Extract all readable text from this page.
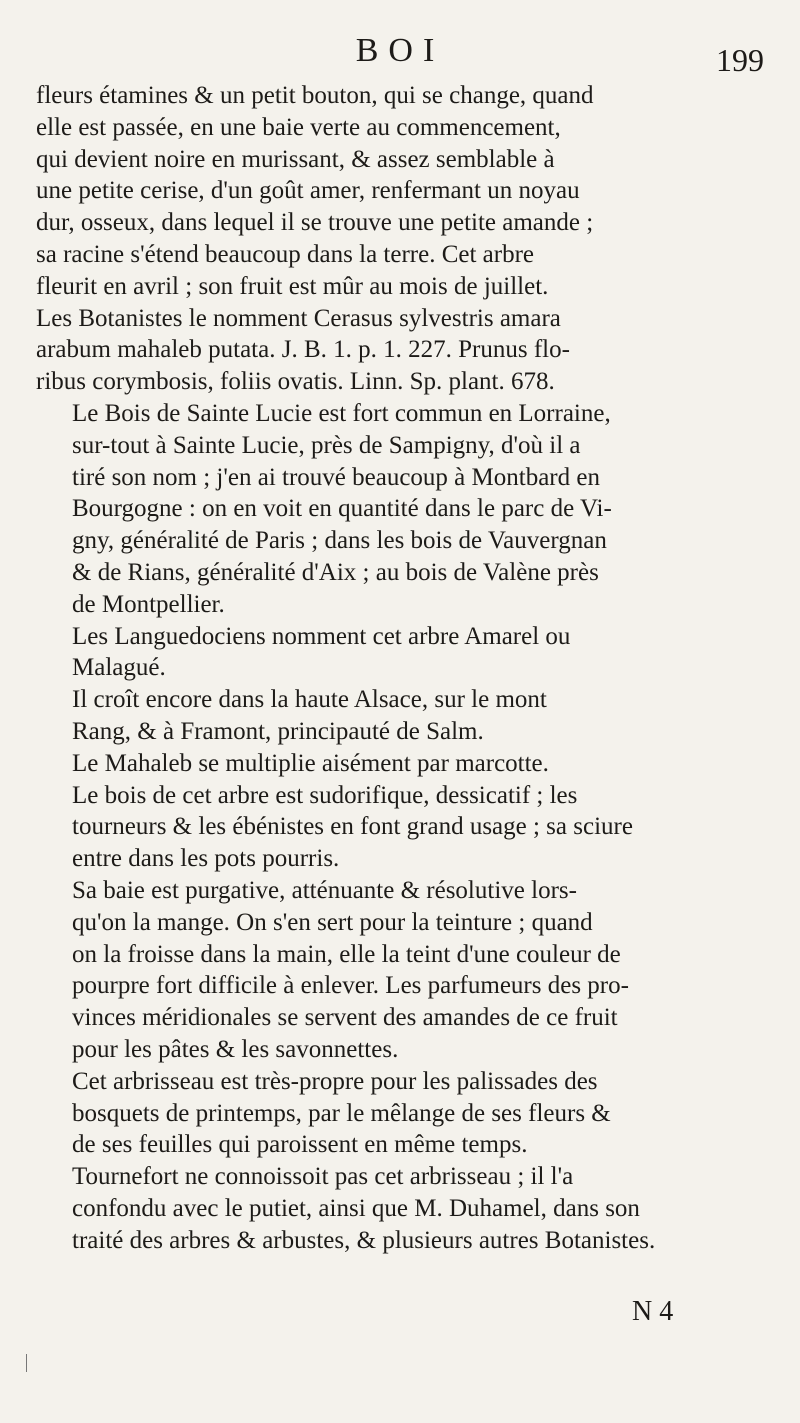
BOI	199

fleurs étamines & un petit bouton, qui se change, quand
elle est passée, en une baie verte au commencement,
qui devient noire en murissant, & assez semblable à
une petite cerise, d'un goût amer, renfermant un noyau
dur, osseux, dans lequel il se trouve une petite amande ;
sa racine s'étend beaucoup dans la terre. Cet arbre
fleurit en avril ; son fruit est mûr au mois de juillet.
Les Botanistes le nomment Cerasus sylvestris amara
arabum mahaleb putata. J. B. 1. p. 1. 227. Prunus flo-
ribus corymbosis, foliis ovatis. Linn. Sp. plant. 678.

Le Bois de Sainte Lucie est fort commun en Lorraine,
sur-tout à Sainte Lucie, près de Sampigny, d'où il a
tiré son nom ; j'en ai trouvé beaucoup à Montbard en
Bourgogne : on en voit en quantité dans le parc de Vi-
gny, généralité de Paris ; dans les bois de Vauvergnan
& de Rians, généralité d'Aix ; au bois de Valène près
de Montpellier.

Les Languedociens nomment cet arbre Amarel ou
Malagué.

Il croît encore dans la haute Alsace, sur le mont
Rang, & à Framont, principauté de Salm.

Le Mahaleb se multiplie aisément par marcotte.

Le bois de cet arbre est sudorifique, dessicatif ; les
tourneurs & les ébénistes en font grand usage ; sa sciure
entre dans les pots pourris.

Sa baie est purgative, atténuante & résolutive lors-
qu'on la mange. On s'en sert pour la teinture ; quand
on la froisse dans la main, elle la teint d'une couleur de
pourpre fort difficile à enlever. Les parfumeurs des pro-
vinces méridionales se servent des amandes de ce fruit
pour les pâtes & les savonnettes.

Cet arbrisseau est très-propre pour les palissades des
bosquets de printemps, par le mêlange de ses fleurs &
de ses feuilles qui paroissent en même temps.

Tournefort ne connoissoit pas cet arbrisseau ; il l'a
confondu avec le putiet, ainsi que M. Duhamel, dans son
traité des arbres & arbustes, & plusieurs autres Botanistes.

N 4
